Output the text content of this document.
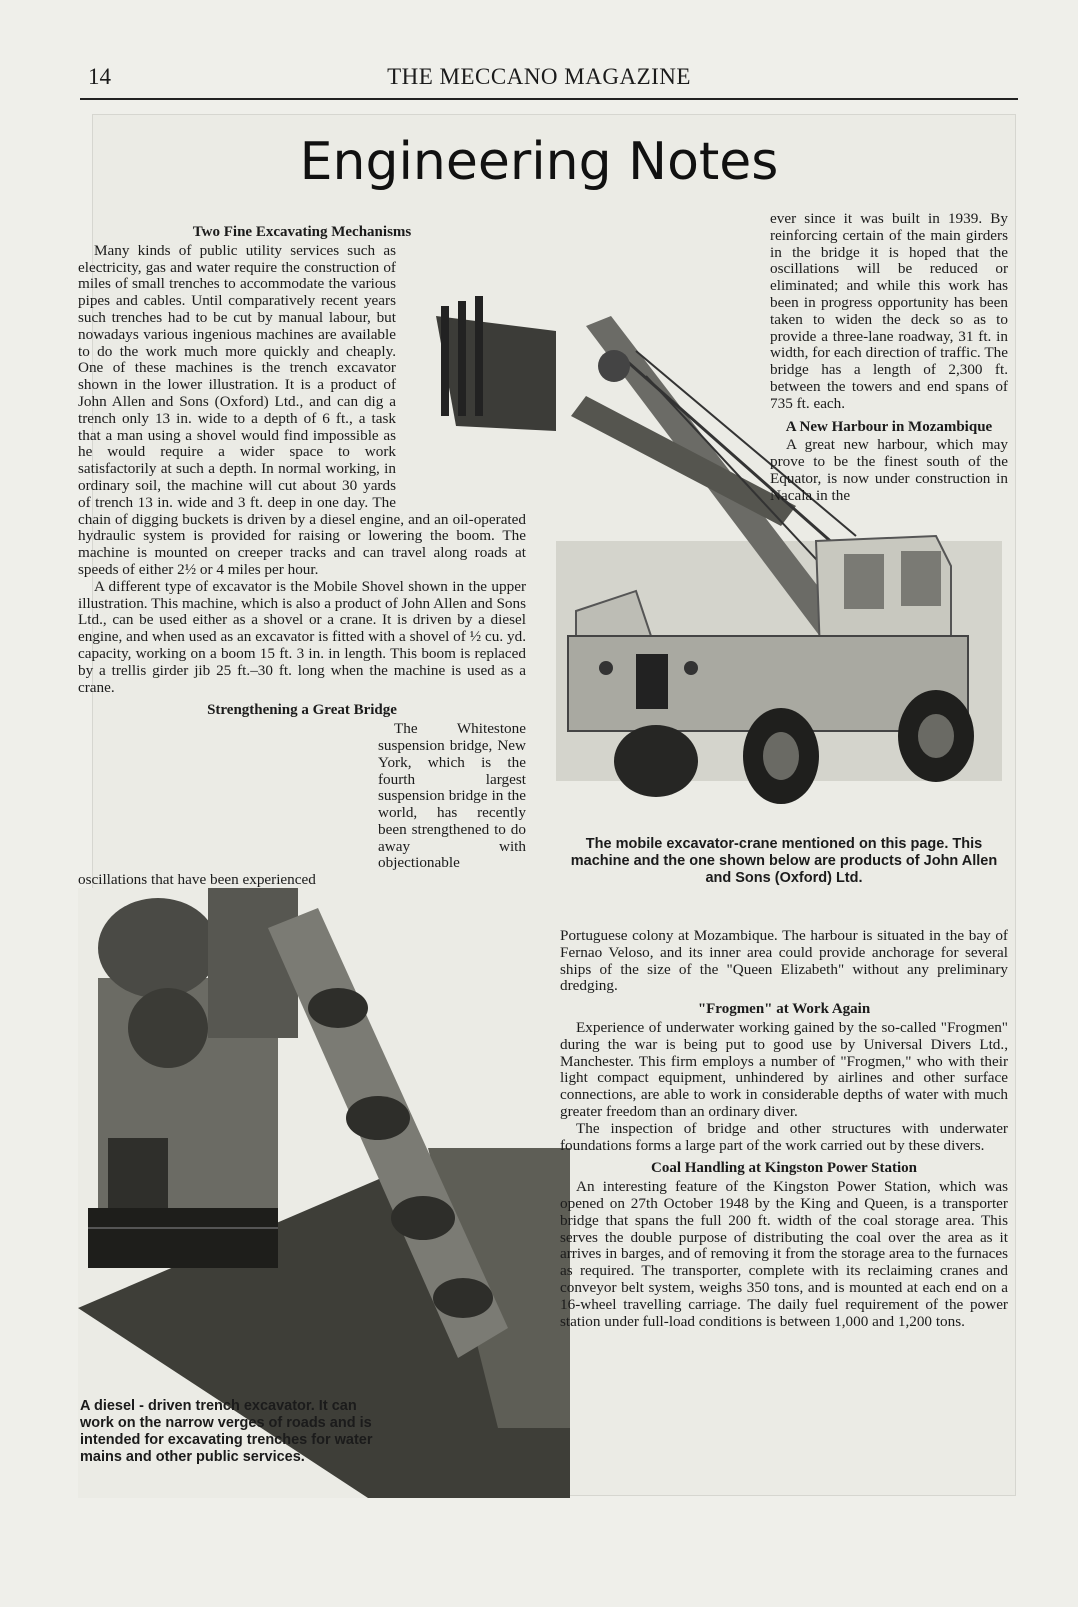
14	THE MECCANO MAGAZINE
Engineering Notes
Two Fine Excavating Mechanisms

Many kinds of public utility services such as electricity, gas and water require the construction of miles of small trenches to accommodate the various pipes and cables. Until comparatively recent years such trenches had to be cut by manual labour, but nowadays various ingenious machines are available to do the work much more quickly and cheaply. One of these machines is the trench excavator shown in the lower illustration. It is a product of John Allen and Sons (Oxford) Ltd., and can dig a trench only 13 in. wide to a depth of 6 ft., a task that a man using a shovel would find impossible as he would require a wider space to work satisfactorily at such a depth. In normal working, in ordinary soil, the machine will cut about 30 yards of trench 13 in. wide and 3 ft. deep in one day. The chain of digging buckets is driven by a diesel engine, and an oil-operated hydraulic system is provided for raising or lowering the boom. The machine is mounted on creeper tracks and can travel along roads at speeds of either 2½ or 4 miles per hour.

A different type of excavator is the Mobile Shovel shown in the upper illustration. This machine, which is also a product of John Allen and Sons Ltd., can be used either as a shovel or a crane. It is driven by a diesel engine, and when used as an excavator is fitted with a shovel of ½ cu. yd. capacity, working on a boom 15 ft. 3 in. in length. This boom is replaced by a trellis girder jib 25 ft.–30 ft. long when the machine is used as a crane.

Strengthening a Great Bridge

The Whitestone suspension bridge, New York, which is the fourth largest suspension bridge in the world, has recently been strengthened to do away with objectionable oscillations that have been experienced

ever since it was built in 1939. By reinforcing certain of the main girders in the bridge it is hoped that the oscillations will be reduced or eliminated; and while this work has been in progress opportunity has been taken to widen the deck so as to provide a three-lane roadway, 31 ft. in width, for each direction of traffic. The bridge has a length of 2,300 ft. between the towers and end spans of 735 ft. each.

A New Harbour in Mozambique

A great new harbour, which may prove to be the finest south of the Equator, is now under construction in Nacala in the

The mobile excavator-crane mentioned on this page. This machine and the one shown below are products of John Allen and Sons (Oxford) Ltd.

Portuguese colony at Mozambique. The harbour is situated in the bay of Fernao Veloso, and its inner area could provide anchorage for several ships of the size of the "Queen Elizabeth" without any preliminary dredging.

"Frogmen" at Work Again

Experience of underwater working gained by the so-called "Frogmen" during the war is being put to good use by Universal Divers Ltd., Manchester. This firm employs a number of "Frogmen," who with their light compact equipment, unhindered by airlines and other surface connections, are able to work in considerable depths of water with much greater freedom than an ordinary diver.

The inspection of bridge and other structures with underwater foundations forms a large part of the work carried out by these divers.

Coal Handling at Kingston Power Station

An interesting feature of the Kingston Power Station, which was opened on 27th October 1948 by the King and Queen, is a transporter bridge that spans the full 200 ft. width of the coal storage area. This serves the double purpose of distributing the coal over the area as it arrives in barges, and of removing it from the storage area to the furnaces as required. The transporter, complete with its reclaiming cranes and conveyor belt system, weighs 350 tons, and is mounted at each end on a 16-wheel travelling carriage. The daily fuel requirement of the power station under full-load conditions is between 1,000 and 1,200 tons.

A diesel - driven trench excavator. It can work on the narrow verges of roads and is intended for excavating trenches for water mains and other public services.
